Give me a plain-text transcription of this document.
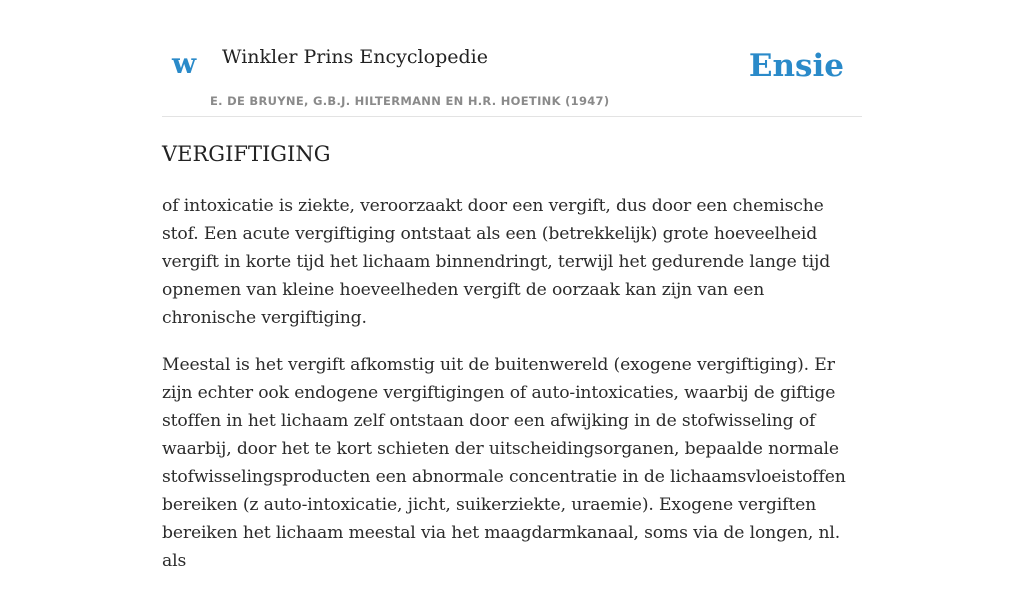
w Winkler Prins Encyclopedie
E. DE BRUYNE, G.B.J. HILTERMANN EN H.R. HOETINK (1947)
Ensie
VERGIFTIGING

of intoxicatie is ziekte, veroorzaakt door een vergift, dus door een chemische stof. Een acute vergiftiging ontstaat als een (betrekkelijk) grote hoeveelheid vergift in korte tijd het lichaam binnendringt, terwijl het gedurende lange tijd opnemen van kleine hoeveelheden vergift de oorzaak kan zijn van een chronische vergiftiging.

Meestal is het vergift afkomstig uit de buitenwereld (exogene vergiftiging). Er zijn echter ook endogene vergiftigingen of auto-intoxicaties, waarbij de giftige stoffen in het lichaam zelf ontstaan door een afwijking in de stofwisseling of waarbij, door het te kort schieten der uitscheidingsorganen, bepaalde normale stofwisselingsproducten een abnormale concentratie in de lichaamsvloeistoffen bereiken (z auto-intoxicatie, jicht, suikerziekte, uraemie). Exogene vergiften bereiken het lichaam meestal via het maagdarmkanaal, soms via de longen, nl. als
